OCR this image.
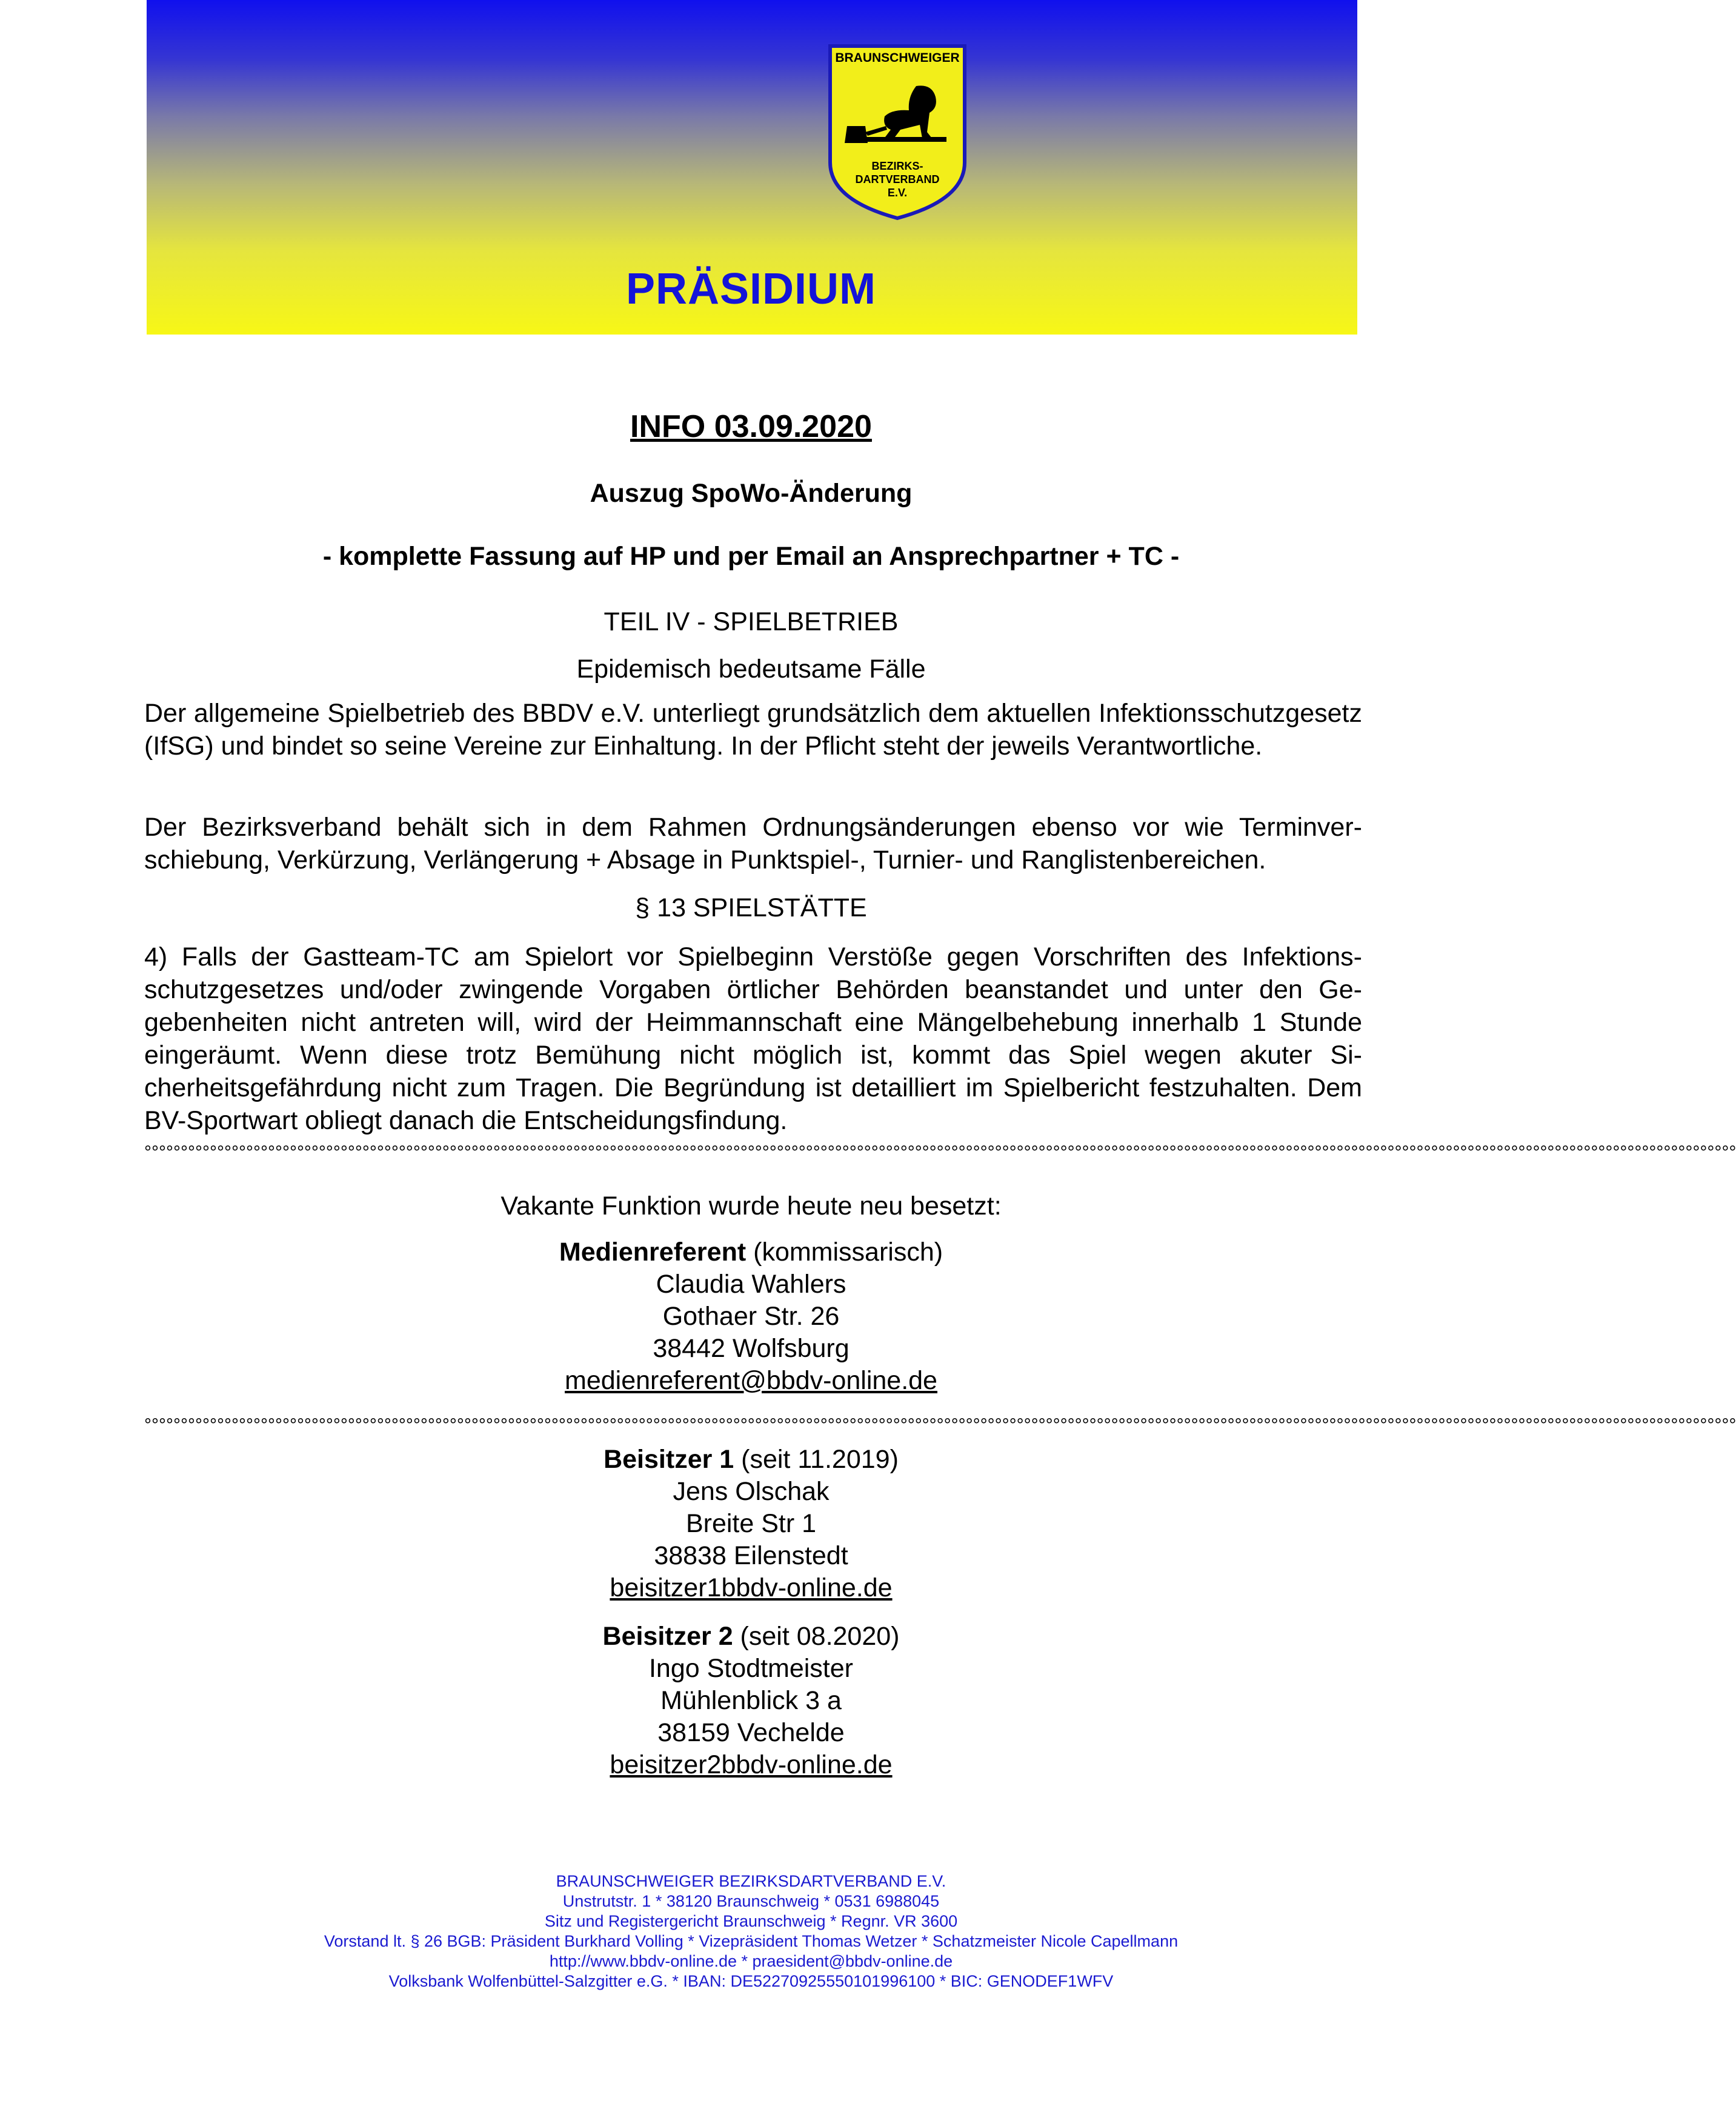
BRAUNSCHWEIGER
BEZIRKS-
DARTVERBAND
E.V.
PRÄSIDIUM
INFO 03.09.2020
Auszug SpoWo-Änderung
- komplette Fassung auf HP und per Email an Ansprechpartner + TC -
TEIL IV - SPIELBETRIEB
Epidemisch bedeutsame Fälle

Der allgemeine Spielbetrieb des BBDV e.V. unterliegt grundsätzlich dem aktuellen Infektionsschutzgesetz (IfSG) und bindet so seine Vereine zur Einhaltung. In der Pflicht steht der jeweils Verantwortliche.

Der Bezirksverband behält sich in dem Rahmen Ordnungsänderungen ebenso vor wie Terminverschiebung, Verkürzung, Verlängerung + Absage in Punktspiel-, Turnier- und Ranglistenbereichen.

§ 13 SPIELSTÄTTE

4) Falls der Gastteam-TC am Spielort vor Spielbeginn Verstöße gegen Vorschriften des Infektionsschutzgesetzes und/oder zwingende Vorgaben örtlicher Behörden beanstandet und unter den Gegebenheiten nicht antreten will, wird der Heimmannschaft eine Mängelbehebung innerhalb 1 Stunde eingeräumt. Wenn diese trotz Bemühung nicht möglich ist, kommt das Spiel wegen akuter Sicherheitsgefährdung nicht zum Tragen. Die Begründung ist detailliert im Spielbericht festzuhalten. Dem BV-Sportwart obliegt danach die Entscheidungsfindung.

°°°°°°°°°°°°°°°°°°°°°°°°°°°°°°°°°°°°°°°°°°°°°°°°°°°°°°°°°°°°°°°°°°°°°°°°°°°°°°°°°°°°°°°°°°°°°°°°°°°°°°°°°°°°°°°°°°°°°°°°°°°°°°°°°°°°°°°°°°°°°°°°°°°°°°°°°°°°°°°°°°°°°°°°°°°°°°°°°°°°°°°°°°°°°°°°°°°°°°°°°°°°°°°°°°°°°°°°°°°
Vakante Funktion wurde heute neu besetzt:
Medienreferent (kommissarisch)
Claudia Wahlers
Gothaer Str. 26
38442 Wolfsburg
medienreferent@bbdv-online.de
°°°°°°°°°°°°°°°°°°°°°°°°°°°°°°°°°°°°°°°°°°°°°°°°°°°°°°°°°°°°°°°°°°°°°°°°°°°°°°°°°°°°°°°°°°°°°°°°°°°°°°°°°°°°°°°°°°°°°°°°°°°°°°°°°°°°°°°°°°°°°°°°°°°°°°°°°°°°°°°°°°°°°°°°°°°°°°°°°°°°°°°°°°°°°°°°°°°°°°°°°°°°°°°°°°°°°°°°°°°
Beisitzer 1 (seit 11.2019)
Jens Olschak
Breite Str 1
38838 Eilenstedt
beisitzer1bbdv-online.de
Beisitzer 2 (seit 08.2020)
Ingo Stodtmeister
Mühlenblick 3 a
38159 Vechelde
beisitzer2bbdv-online.de
BRAUNSCHWEIGER BEZIRKSDARTVERBAND E.V.
Unstrutstr. 1 * 38120 Braunschweig * 0531 6988045
Sitz und Registergericht Braunschweig * Regnr. VR 3600
Vorstand lt. § 26 BGB: Präsident Burkhard Volling * Vizepräsident Thomas Wetzer * Schatzmeister Nicole Capellmann
http://www.bbdv-online.de * praesident@bbdv-online.de
Volksbank Wolfenbüttel-Salzgitter e.G. * IBAN: DE52270925550101996100 * BIC: GENODEF1WFV
